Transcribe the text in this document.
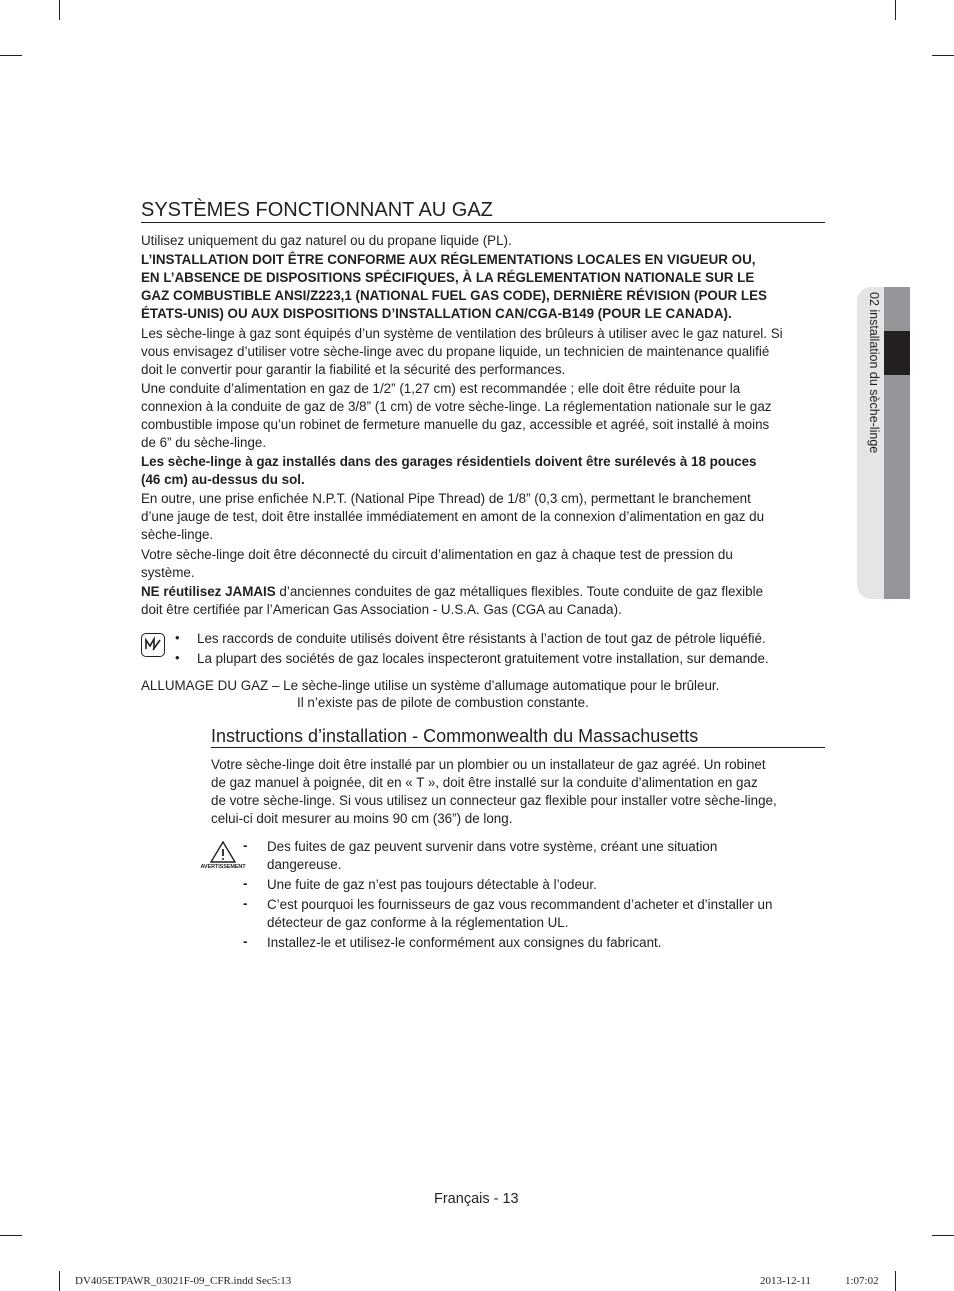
02 installation du sèche-linge
SYSTÈMES FONCTIONNANT AU GAZ

Utilisez uniquement du gaz naturel ou du propane liquide (PL).

L’INSTALLATION DOIT ÊTRE CONFORME AUX RÉGLEMENTATIONS LOCALES EN VIGUEUR OU,

EN L’ABSENCE DE DISPOSITIONS SPÉCIFIQUES, À LA RÉGLEMENTATION NATIONALE SUR LE

GAZ COMBUSTIBLE ANSI/Z223,1 (NATIONAL FUEL GAS CODE), DERNIÈRE RÉVISION (POUR LES

ÉTATS-UNIS) OU AUX DISPOSITIONS D’INSTALLATION CAN/CGA-B149 (POUR LE CANADA).

Les sèche-linge à gaz sont équipés d’un système de ventilation des brûleurs à utiliser avec le gaz naturel. Si

vous envisagez d’utiliser votre sèche-linge avec du propane liquide, un technicien de maintenance qualifié

doit le convertir pour garantir la fiabilité et la sécurité des performances.

Une conduite d’alimentation en gaz de 1/2” (1,27 cm) est recommandée ; elle doit être réduite pour la

connexion à la conduite de gaz de 3/8” (1 cm) de votre sèche-linge. La réglementation nationale sur le gaz

combustible impose qu’un robinet de fermeture manuelle du gaz, accessible et agréé, soit installé à moins

de 6” du sèche-linge.

Les sèche-linge à gaz installés dans des garages résidentiels doivent être surélevés à 18 pouces

(46 cm) au-dessus du sol.

En outre, une prise enfichée N.P.T. (National Pipe Thread) de 1/8” (0,3 cm), permettant le branchement

d’une jauge de test, doit être installée immédiatement en amont de la connexion d’alimentation en gaz du

sèche-linge.

Votre sèche-linge doit être déconnecté du circuit d’alimentation en gaz à chaque test de pression du

système.

NE réutilisez JAMAIS d’anciennes conduites de gaz métalliques flexibles. Toute conduite de gaz flexible

doit être certifiée par l’American Gas Association - U.S.A. Gas (CGA au Canada).

• Les raccords de conduite utilisés doivent être résistants à l’action de tout gaz de pétrole liquéfié.
• La plupart des sociétés de gaz locales inspecteront gratuitement votre installation, sur demande.

ALLUMAGE DU GAZ – Le sèche-linge utilise un système d’allumage automatique pour le brûleur.

Il n’existe pas de pilote de combustion constante.

Instructions d’installation - Commonwealth du Massachusetts

Votre sèche-linge doit être installé par un plombier ou un installateur de gaz agréé. Un robinet

de gaz manuel à poignée, dit en « T », doit être installé sur la conduite d’alimentation en gaz

de votre sèche-linge. Si vous utilisez un connecteur gaz flexible pour installer votre sèche-linge,

celui-ci doit mesurer au moins 90 cm (36”) de long.

AVERTISSEMENT
- Des fuites de gaz peuvent survenir dans votre système, créant une situation
dangereuse.
- Une fuite de gaz n’est pas toujours détectable à l’odeur.
- C’est pourquoi les fournisseurs de gaz vous recommandent d’acheter et d’installer un
détecteur de gaz conforme à la réglementation UL.
- Installez-le et utilisez-le conformément aux consignes du fabricant.
Français - 13
DV405ETPAWR_03021F-09_CFR.indd Sec5:13	2013-12-11	1:07:02
